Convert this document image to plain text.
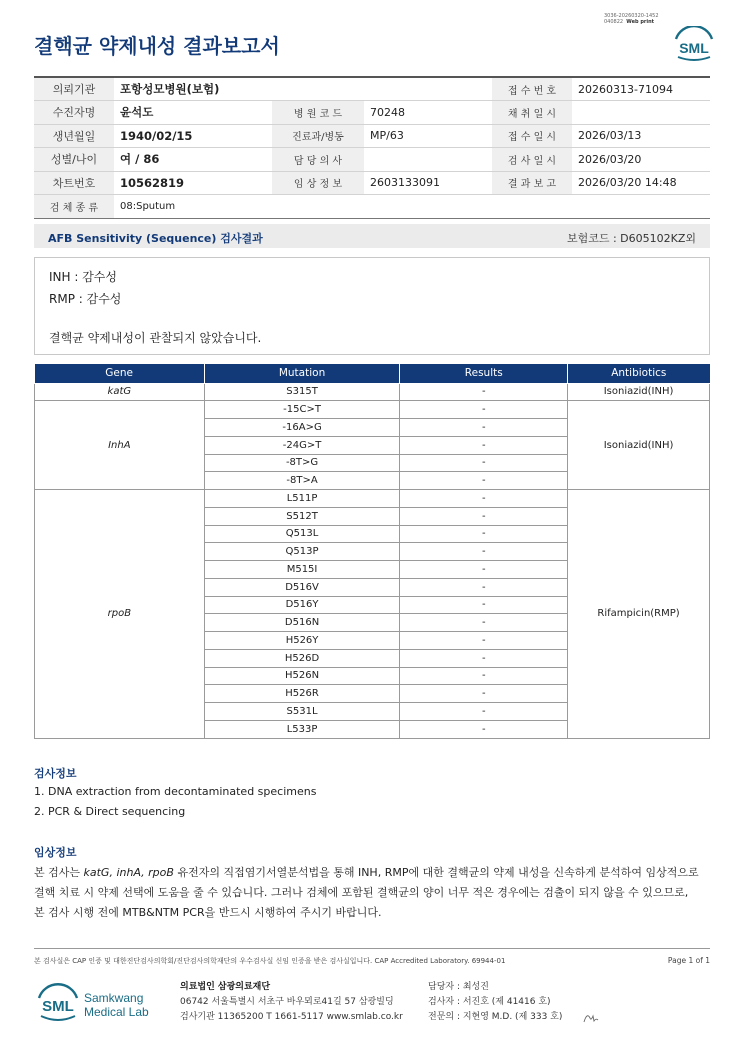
3036-20260320-1452
040822 Web print
결핵균 약제내성 결과보고서	SML
의뢰기관	포항성모병원(보험)			접 수 번 호	20260313-71094
수진자명	윤석도	병 원 코 드	70248	채 취 일 시	
생년월일	1940/02/15	진료과/병동	MP/63	접 수 일 시	2026/03/13
성별/나이	여 / 86	담 당 의 사		검 사 일 시	2026/03/20
차트번호	10562819	임 상 정 보	2603133091	결 과 보 고	2026/03/20 14:48
검 체 종 류	08:Sputum				
AFB Sensitivity (Sequence) 검사결과	보험코드 : D605102KZ외
INH : 감수성
RMP : 감수성
결핵균 약제내성이 관찰되지 않았습니다.
Gene	Mutation	Results	Antibiotics
katG	S315T	-	Isoniazid(INH)
InhA	-15C>T	-	Isoniazid(INH)
	-16A>G	-	
	-24G>T	-	
	-8T>G	-	
	-8T>A	-	
rpoB	L511P	-	Rifampicin(RMP)
	S512T	-	
	Q513L	-	
	Q513P	-	
	M515I	-	
	D516V	-	
	D516Y	-	
	D516N	-	
	H526Y	-	
	H526D	-	
	H526N	-	
	H526R	-	
	S531L	-	
	L533P	-	
검사정보
1. DNA extraction from decontaminated specimens
2. PCR & Direct sequencing
임상정보
본 검사는 katG, inhA, rpoB 유전자의 직접염기서열분석법을 통해 INH, RMP에 대한 결핵균의 약제 내성을 신속하게 분석하여 임상적으로
결핵 치료 시 약제 선택에 도움을 줄 수 있습니다. 그러나 검체에 포함된 결핵균의 양이 너무 적은 경우에는 검출이 되지 않을 수 있으므로,
본 검사 시행 전에 MTB&NTM PCR을 반드시 시행하여 주시기 바랍니다.
본 검사실은 CAP 인증 및 대한진단검사의학회/진단검사의학재단의 우수검사실 신임 인증을 받은 검사실입니다. CAP Accredited Laboratory. 69944-01	Page 1 of 1
SML Samkwang
Medical Lab
의료법인 삼광의료재단
06742 서울특별시 서초구 바우뫼로41길 57 삼광빌딩
검사기관 11365200 T 1661-5117 www.smlab.co.kr
담당자 : 최성진
검사자 : 서진호 (제 41416 호)
전문의 : 지현영 M.D. (제 333 호)
